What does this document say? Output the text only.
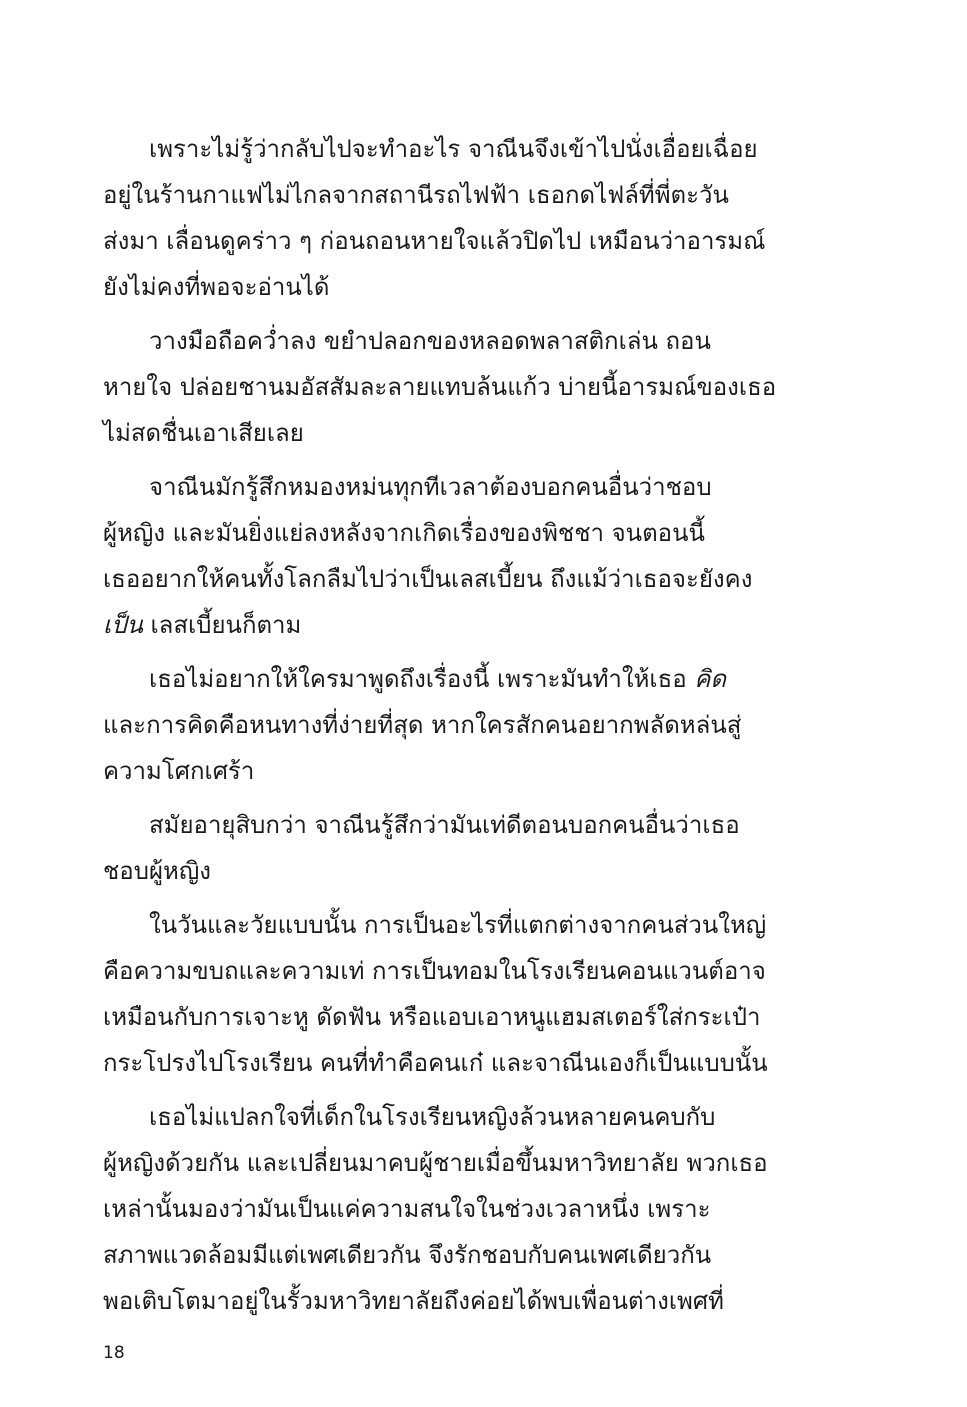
เพราะไม่รู้ว่ากลับไปจะทำอะไร จาณีนจึงเข้าไปนั่งเอื่อยเฉื่อย
อยู่ในร้านกาแฟไม่ไกลจากสถานีรถไฟฟ้า เธอกดไฟล์ที่พี่ตะวัน
ส่งมา เลื่อนดูคร่าว ๆ ก่อนถอนหายใจแล้วปิดไป เหมือนว่าอารมณ์
ยังไม่คงที่พอจะอ่านได้

วางมือถือคว่ำลง ขยำปลอกของหลอดพลาสติกเล่น ถอน
หายใจ ปล่อยชานมอัสสัมละลายแทบล้นแก้ว บ่ายนี้อารมณ์ของเธอ
ไม่สดชื่นเอาเสียเลย

จาณีนมักรู้สึกหมองหม่นทุกทีเวลาต้องบอกคนอื่นว่าชอบ
ผู้หญิง และมันยิ่งแย่ลงหลังจากเกิดเรื่องของพิชชา จนตอนนี้
เธออยากให้คนทั้งโลกลืมไปว่าเป็นเลสเบี้ยน ถึงแม้ว่าเธอจะยังคง
เป็น เลสเบี้ยนก็ตาม

เธอไม่อยากให้ใครมาพูดถึงเรื่องนี้ เพราะมันทำให้เธอ คิด
และการคิดคือหนทางที่ง่ายที่สุด หากใครสักคนอยากพลัดหล่นสู่
ความโศกเศร้า

สมัยอายุสิบกว่า จาณีนรู้สึกว่ามันเท่ดีตอนบอกคนอื่นว่าเธอ
ชอบผู้หญิง

ในวันและวัยแบบนั้น การเป็นอะไรที่แตกต่างจากคนส่วนใหญ่
คือความขบถและความเท่ การเป็นทอมในโรงเรียนคอนแวนต์อาจ
เหมือนกับการเจาะหู ดัดฟัน หรือแอบเอาหนูแฮมสเตอร์ใส่กระเป๋า
กระโปรงไปโรงเรียน คนที่ทำคือคนเก๋ และจาณีนเองก็เป็นแบบนั้น

เธอไม่แปลกใจที่เด็กในโรงเรียนหญิงล้วนหลายคนคบกับ
ผู้หญิงด้วยกัน และเปลี่ยนมาคบผู้ชายเมื่อขึ้นมหาวิทยาลัย พวกเธอ
เหล่านั้นมองว่ามันเป็นแค่ความสนใจในช่วงเวลาหนึ่ง เพราะ
สภาพแวดล้อมมีแต่เพศเดียวกัน จึงรักชอบกับคนเพศเดียวกัน
พอเติบโตมาอยู่ในรั้วมหาวิทยาลัยถึงค่อยได้พบเพื่อนต่างเพศที่

18
